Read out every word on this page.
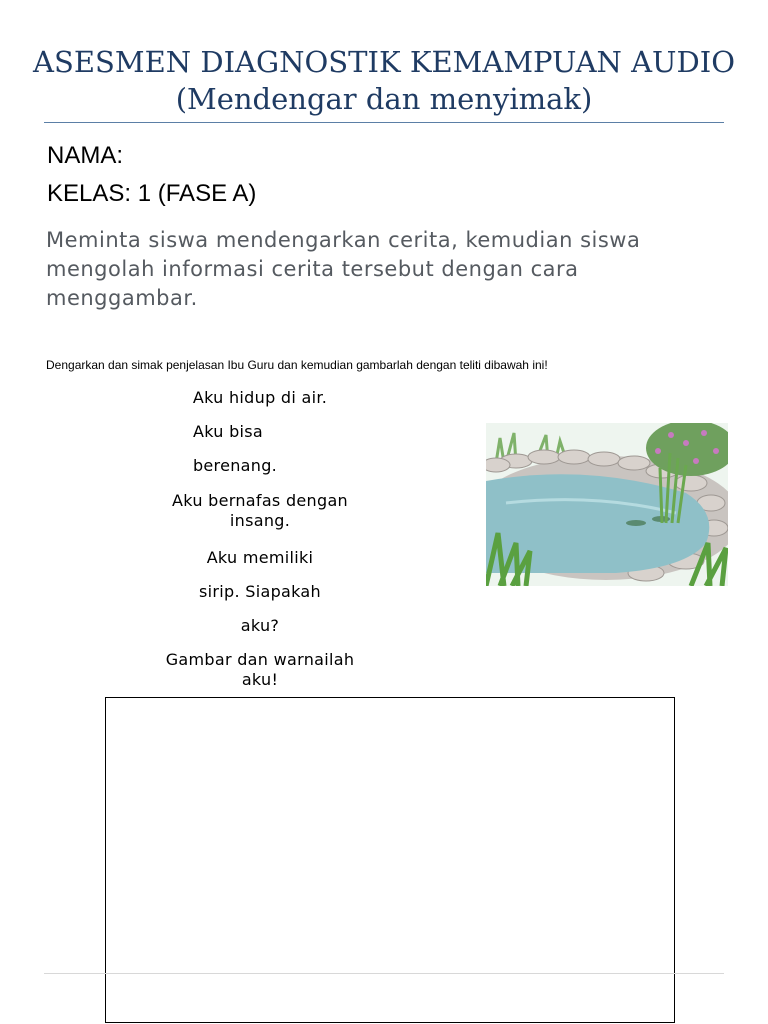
ASESMEN DIAGNOSTIK KEMAMPUAN AUDIO
(Mendengar dan menyimak)
NAMA:
KELAS: 1 (FASE A)
Meminta siswa mendengarkan cerita, kemudian siswa mengolah informasi cerita tersebut dengan cara menggambar.
Dengarkan dan simak penjelasan Ibu Guru dan kemudian gambarlah dengan teliti dibawah ini!
Aku hidup di air.
Aku bisa
berenang.
Aku bernafas dengan insang.
Aku memiliki
sirip. Siapakah
aku?
Gambar dan warnailah aku!
